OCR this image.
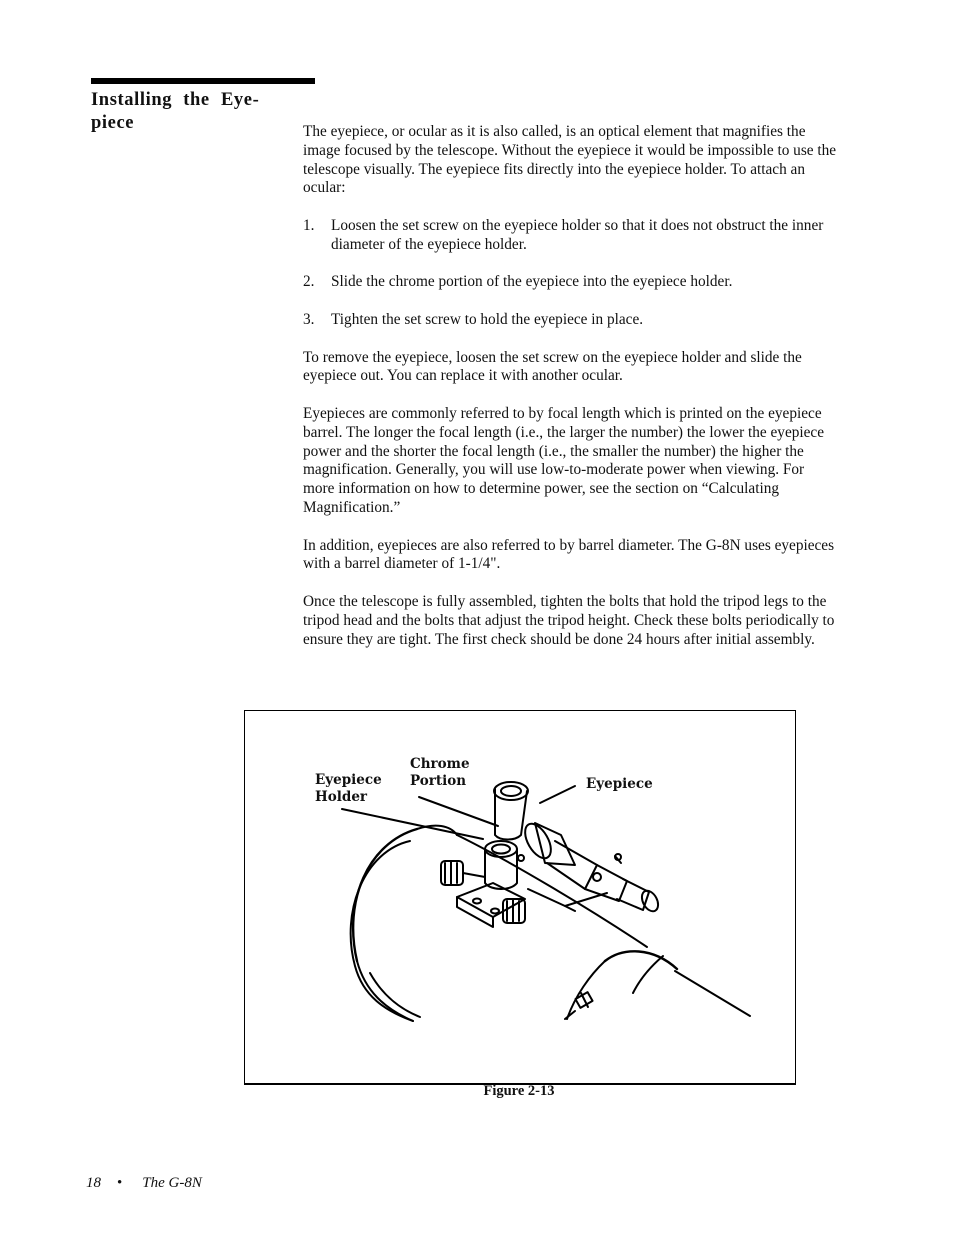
Installing the Eye-
piece	The eyepiece, or ocular as it is also called, is an optical element that magnifies the image focused by the telescope. Without the eyepiece it would be impossible to use the telescope visually. The eyepiece fits directly into the eyepiece holder. To attach an ocular:

1. Loosen the set screw on the eyepiece holder so that it does not obstruct the inner diameter of the eyepiece holder.
2. Slide the chrome portion of the eyepiece into the eyepiece holder.
3. Tighten the set screw to hold the eyepiece in place.

To remove the eyepiece, loosen the set screw on the eyepiece holder and slide the eyepiece out. You can replace it with another ocular.

Eyepieces are commonly referred to by focal length which is printed on the eyepiece barrel. The longer the focal length (i.e., the larger the number) the lower the eyepiece power and the shorter the focal length (i.e., the smaller the number) the higher the magnification. Generally, you will use low-to-moderate power when viewing. For more information on how to determine power, see the section on “Calculating Magnification.”

In addition, eyepieces are also referred to by barrel diameter. The G-8N uses eyepieces with a barrel diameter of 1-1/4".

Once the telescope is fully assembled, tighten the bolts that hold the tripod legs to the tripod head and the bolts that adjust the tripod height. Check these bolts periodically to ensure they are tight. The first check should be done 24 hours after initial assembly.

Eyepiece
Holder
Chrome
Portion	Eyepiece
Figure 2-13
18 • The G-8N
